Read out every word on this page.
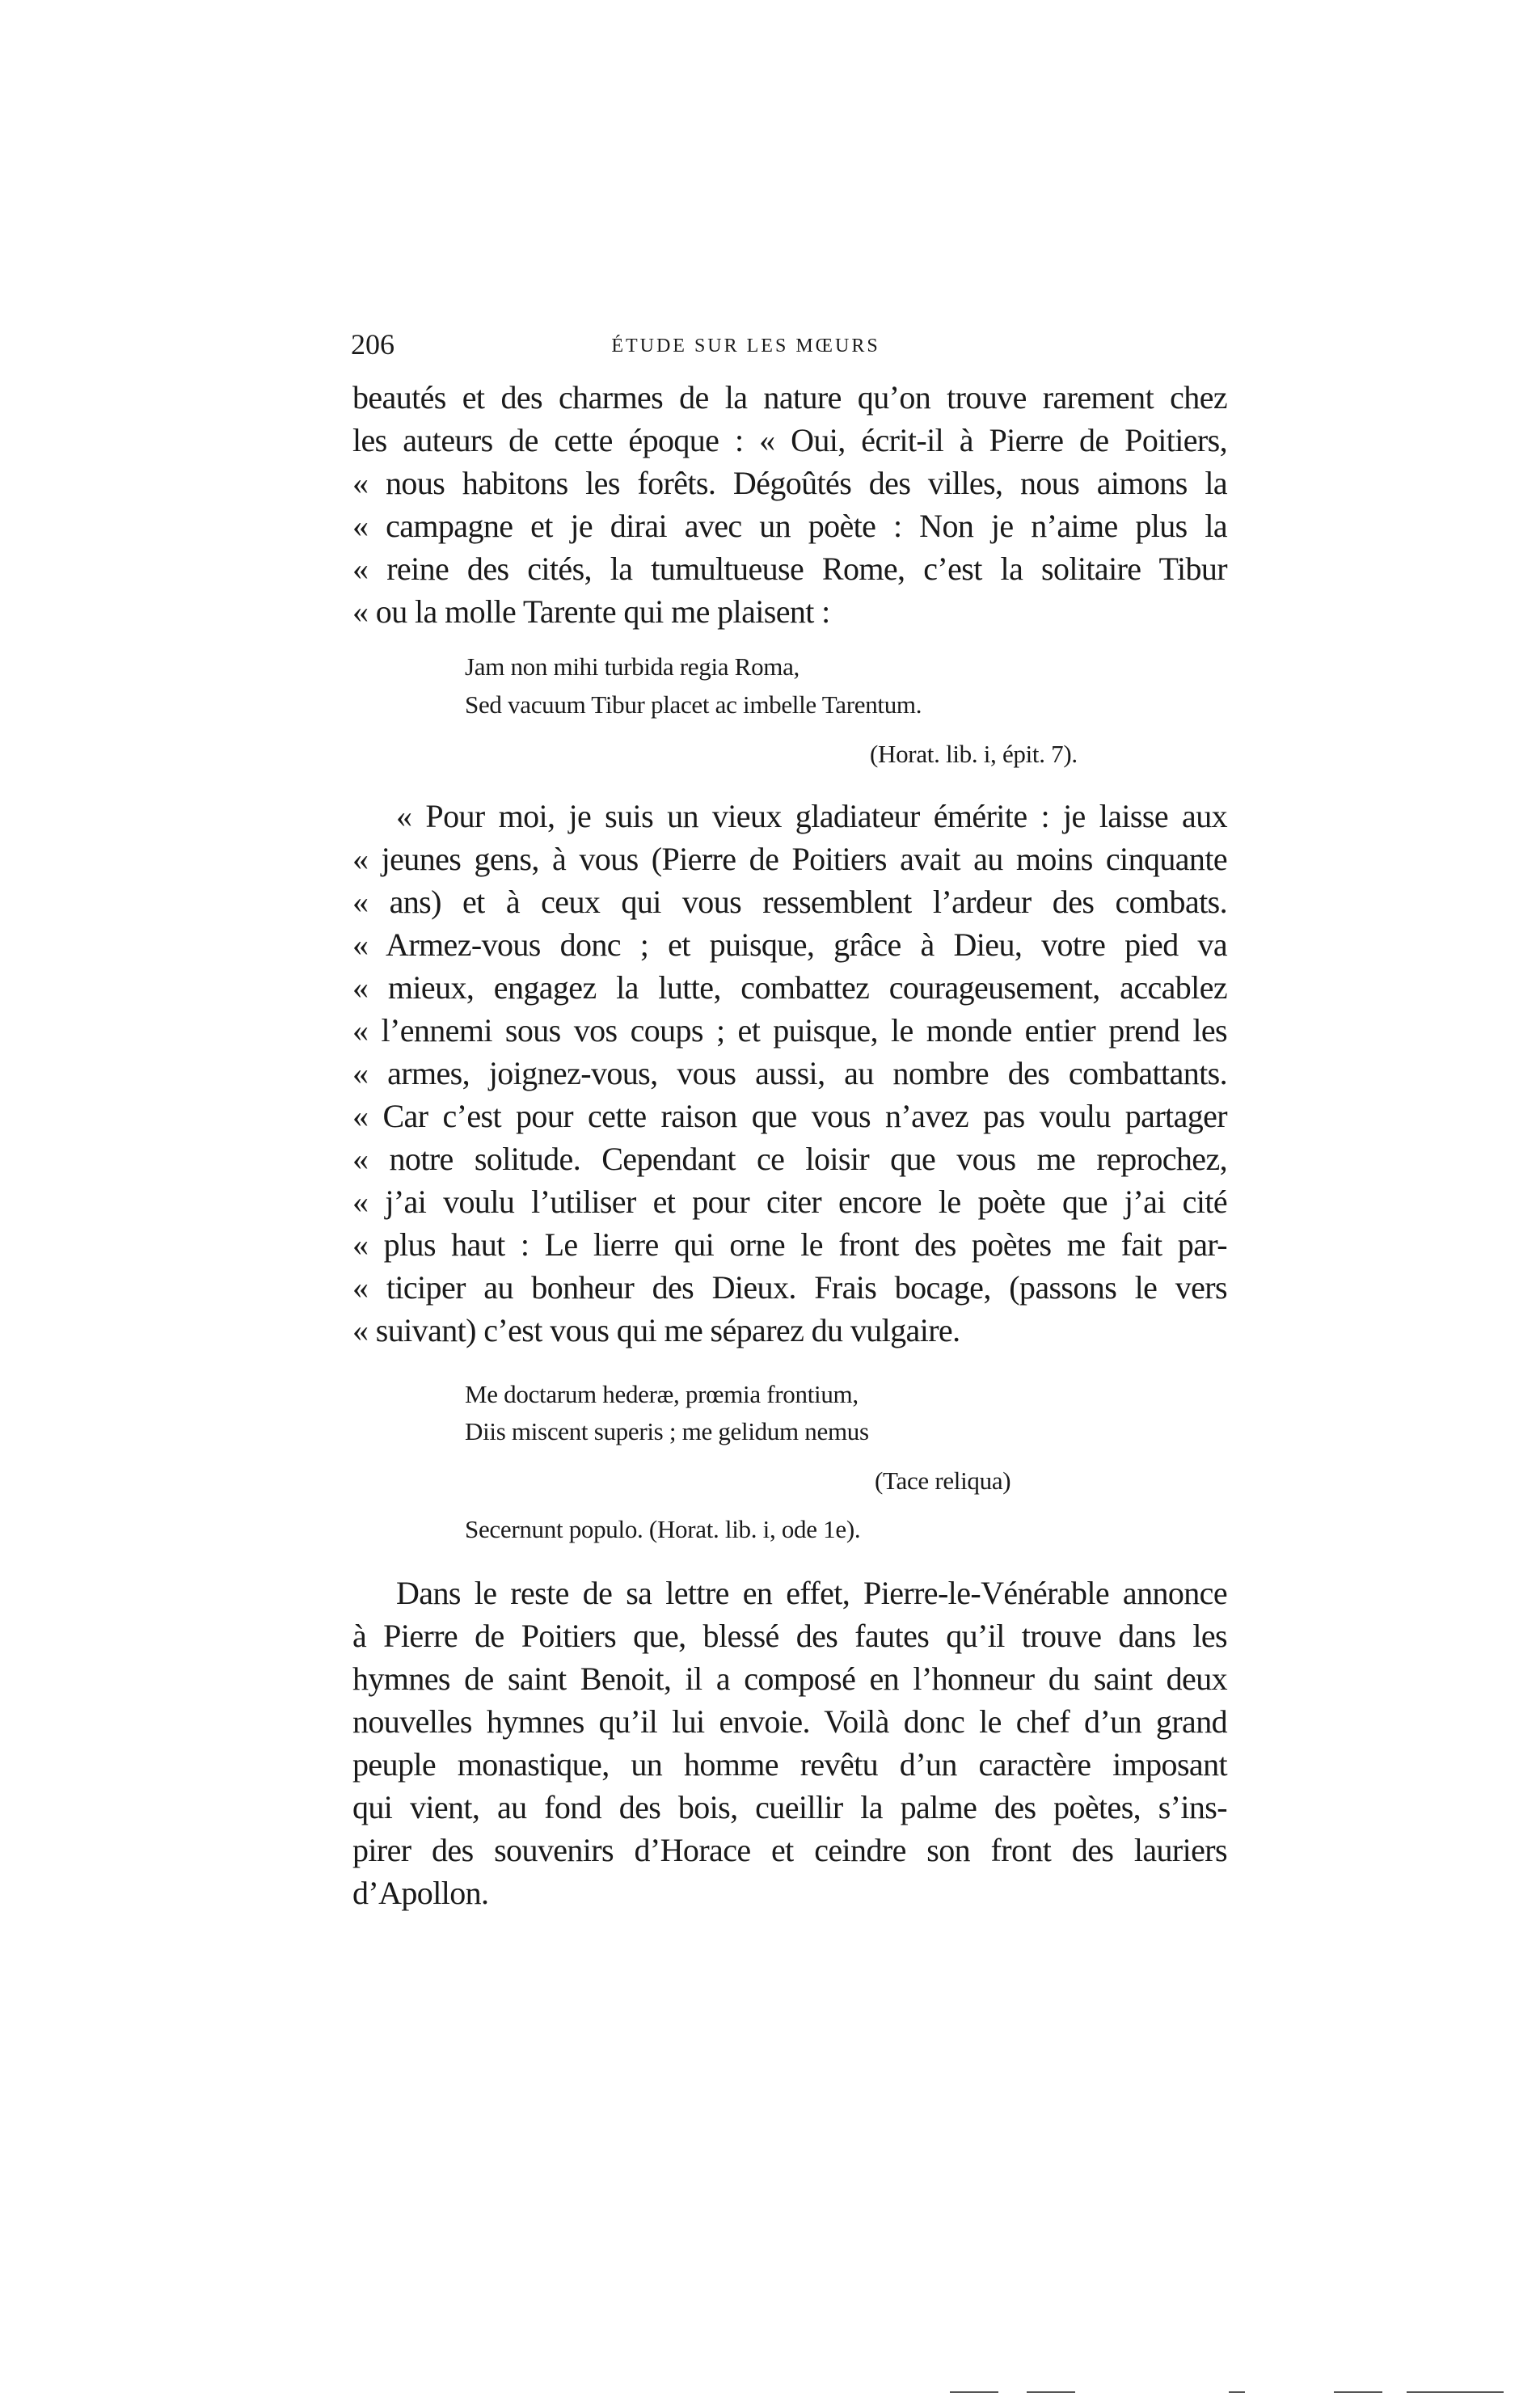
206	ÉTUDE SUR LES MŒURS
beautés et des charmes de la nature qu’on trouve rarement chez
les auteurs de cette époque : « Oui, écrit-il à Pierre de Poitiers,
« nous habitons les forêts. Dégoûtés des villes, nous aimons la
« campagne et je dirai avec un poète : Non je n’aime plus la
« reine des cités, la tumultueuse Rome, c’est la solitaire Tibur
« ou la molle Tarente qui me plaisent :
Jam non mihi turbida regia Roma,
Sed vacuum Tibur placet ac imbelle Tarentum.
(Horat. lib. i, épit. 7).
« Pour moi, je suis un vieux gladiateur émérite : je laisse aux
« jeunes gens, à vous (Pierre de Poitiers avait au moins cinquante
« ans) et à ceux qui vous ressemblent l’ardeur des combats.
« Armez-vous donc ; et puisque, grâce à Dieu, votre pied va
« mieux, engagez la lutte, combattez courageusement, accablez
« l’ennemi sous vos coups ; et puisque, le monde entier prend les
« armes, joignez-vous, vous aussi, au nombre des combattants.
« Car c’est pour cette raison que vous n’avez pas voulu partager
« notre solitude. Cependant ce loisir que vous me reprochez,
« j’ai voulu l’utiliser et pour citer encore le poète que j’ai cité
« plus haut : Le lierre qui orne le front des poètes me fait par-
« ticiper au bonheur des Dieux. Frais bocage, (passons le vers
« suivant) c’est vous qui me séparez du vulgaire.
Me doctarum hederæ, prœmia frontium,
Diis miscent superis ; me gelidum nemus
(Tace reliqua)
Secernunt populo. (Horat. lib. i, ode 1e).
Dans le reste de sa lettre en effet, Pierre-le-Vénérable annonce
à Pierre de Poitiers que, blessé des fautes qu’il trouve dans les
hymnes de saint Benoit, il a composé en l’honneur du saint deux
nouvelles hymnes qu’il lui envoie. Voilà donc le chef d’un grand
peuple monastique, un homme revêtu d’un caractère imposant
qui vient, au fond des bois, cueillir la palme des poètes, s’ins-
pirer des souvenirs d’Horace et ceindre son front des lauriers
d’Apollon.
